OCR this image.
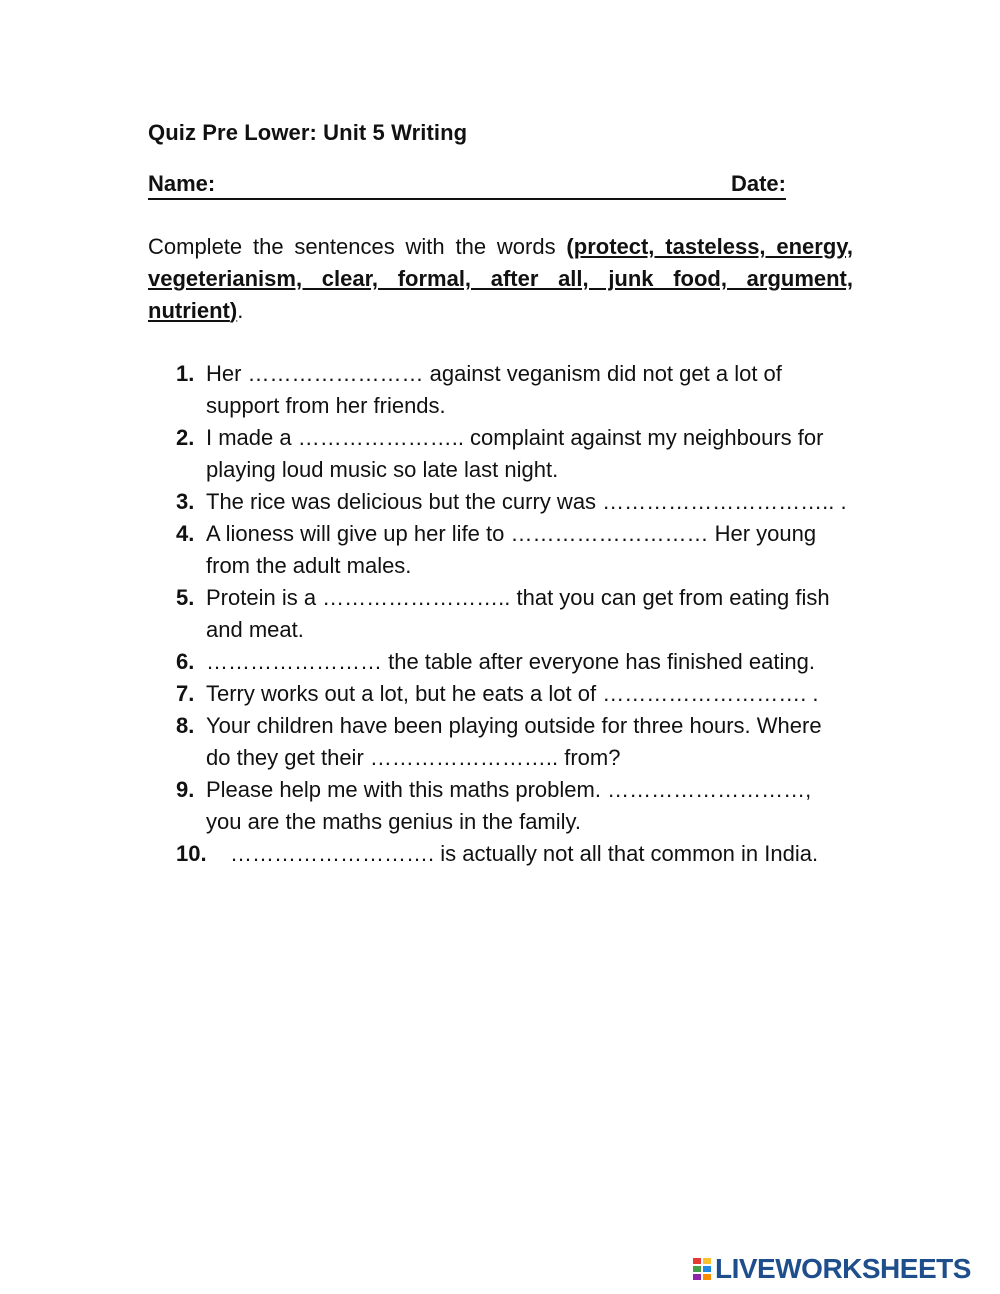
Quiz Pre Lower: Unit 5 Writing
Name:	Date:
Complete the sentences with the words (protect, tasteless, energy, vegeterianism, clear, formal, after all, junk food, argument, nutrient).
1. Her …………………… against veganism did not get a lot of support from her friends.
2. I made a ………………….. complaint against my neighbours for playing loud music so late last night.
3. The rice was delicious but the curry was ………………………….. .
4. A lioness will give up her life to ……………………… Her young from the adult males.
5. Protein is a …………………….. that you can get from eating fish and meat.
6. …………………… the table after everyone has finished eating.
7. Terry works out a lot, but he eats a lot of ………………………. .
8. Your children have been playing outside for three hours. Where do they get their …………………….. from?
9. Please help me with this maths problem. ………………………, you are the maths genius in the family.
10. ………………………. is actually not all that common in India.
LIVEWORKSHEETS
